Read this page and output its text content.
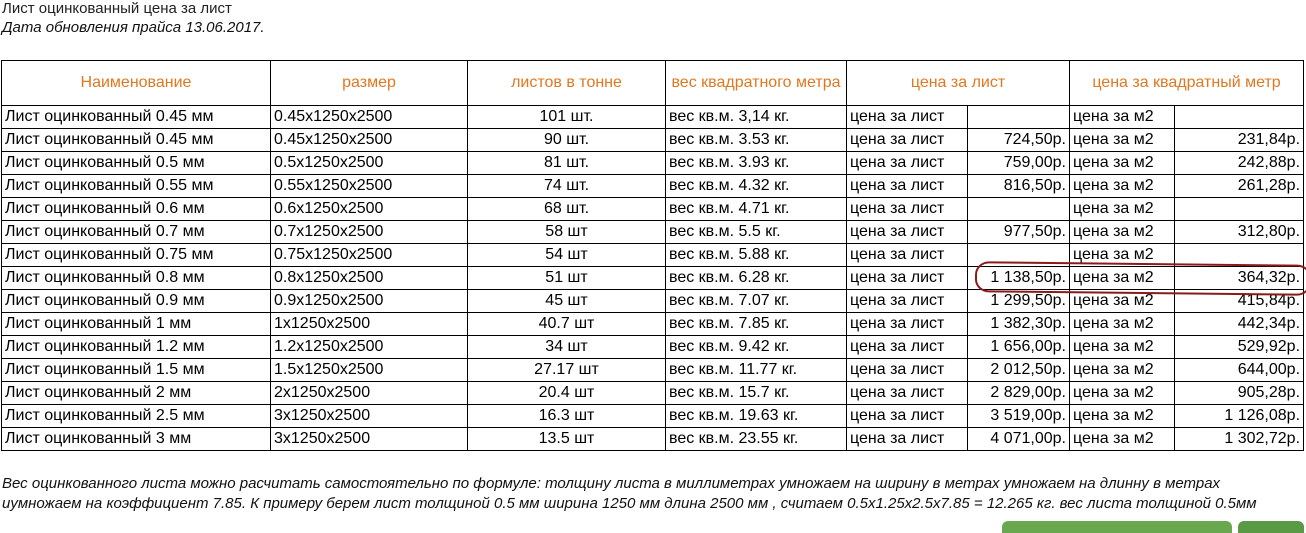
Лист оцинкованный цена за лист
Дата обновления прайса 13.06.2017.
Наименование	размер	листов в тонне	вес квадратного метра	цена за лист		цена за квадратный метр	
Лист оцинкованный 0.45 мм	0.45х1250х2500	101 шт.	вес кв.м. 3,14 кг.	цена за лист		цена за м2	
Лист оцинкованный 0.45 мм	0.45х1250х2500	90 шт.	вес кв.м. 3.53 кг.	цена за лист	724,50р.	цена за м2	231,84р.
Лист оцинкованный 0.5 мм	0.5х1250х2500	81 шт.	вес кв.м. 3.93 кг.	цена за лист	759,00р.	цена за м2	242,88р.
Лист оцинкованный 0.55 мм	0.55х1250х2500	74 шт.	вес кв.м. 4.32 кг.	цена за лист	816,50р.	цена за м2	261,28р.
Лист оцинкованный 0.6 мм	0.6х1250х2500	68 шт.	вес кв.м. 4.71 кг.	цена за лист		цена за м2	
Лист оцинкованный 0.7 мм	0.7х1250х2500	58 шт	вес кв.м. 5.5 кг.	цена за лист	977,50р.	цена за м2	312,80р.
Лист оцинкованный 0.75 мм	0.75х1250х2500	54 шт	вес кв.м. 5.88 кг.	цена за лист		цена за м2	
Лист оцинкованный 0.8 мм	0.8х1250х2500	51 шт	вес кв.м. 6.28 кг.	цена за лист	1 138,50р.	цена за м2	364,32р.
Лист оцинкованный 0.9 мм	0.9х1250х2500	45 шт	вес кв.м. 7.07 кг.	цена за лист	1 299,50р.	цена за м2	415,84р.
Лист оцинкованный 1 мм	1х1250х2500	40.7 шт	вес кв.м. 7.85 кг.	цена за лист	1 382,30р.	цена за м2	442,34р.
Лист оцинкованный 1.2 мм	1.2х1250х2500	34 шт	вес кв.м. 9.42 кг.	цена за лист	1 656,00р.	цена за м2	529,92р.
Лист оцинкованный 1.5 мм	1.5х1250х2500	27.17 шт	вес кв.м. 11.77 кг.	цена за лист	2 012,50р.	цена за м2	644,00р.
Лист оцинкованный 2 мм	2х1250х2500	20.4 шт	вес кв.м. 15.7 кг.	цена за лист	2 829,00р.	цена за м2	905,28р.
Лист оцинкованный 2.5 мм	3х1250х2500	16.3 шт	вес кв.м. 19.63 кг.	цена за лист	3 519,00р.	цена за м2	1 126,08р.
Лист оцинкованный 3 мм	3х1250х2500	13.5 шт	вес кв.м. 23.55 кг.	цена за лист	4 071,00р.	цена за м2	1 302,72р.
Вес оцинкованного листа можно расчитать самостоятельно по формуле: толщину листа в миллиметрах умножаем на ширину в метрах умножаем на длинну в метрах иумножаем на коэффициент 7.85. К примеру берем лист толщиной 0.5 мм ширина 1250 мм длина 2500 мм , считаем 0.5х1.25х2.5х7.85 = 12.265 кг. вес листа толщиной 0.5мм
